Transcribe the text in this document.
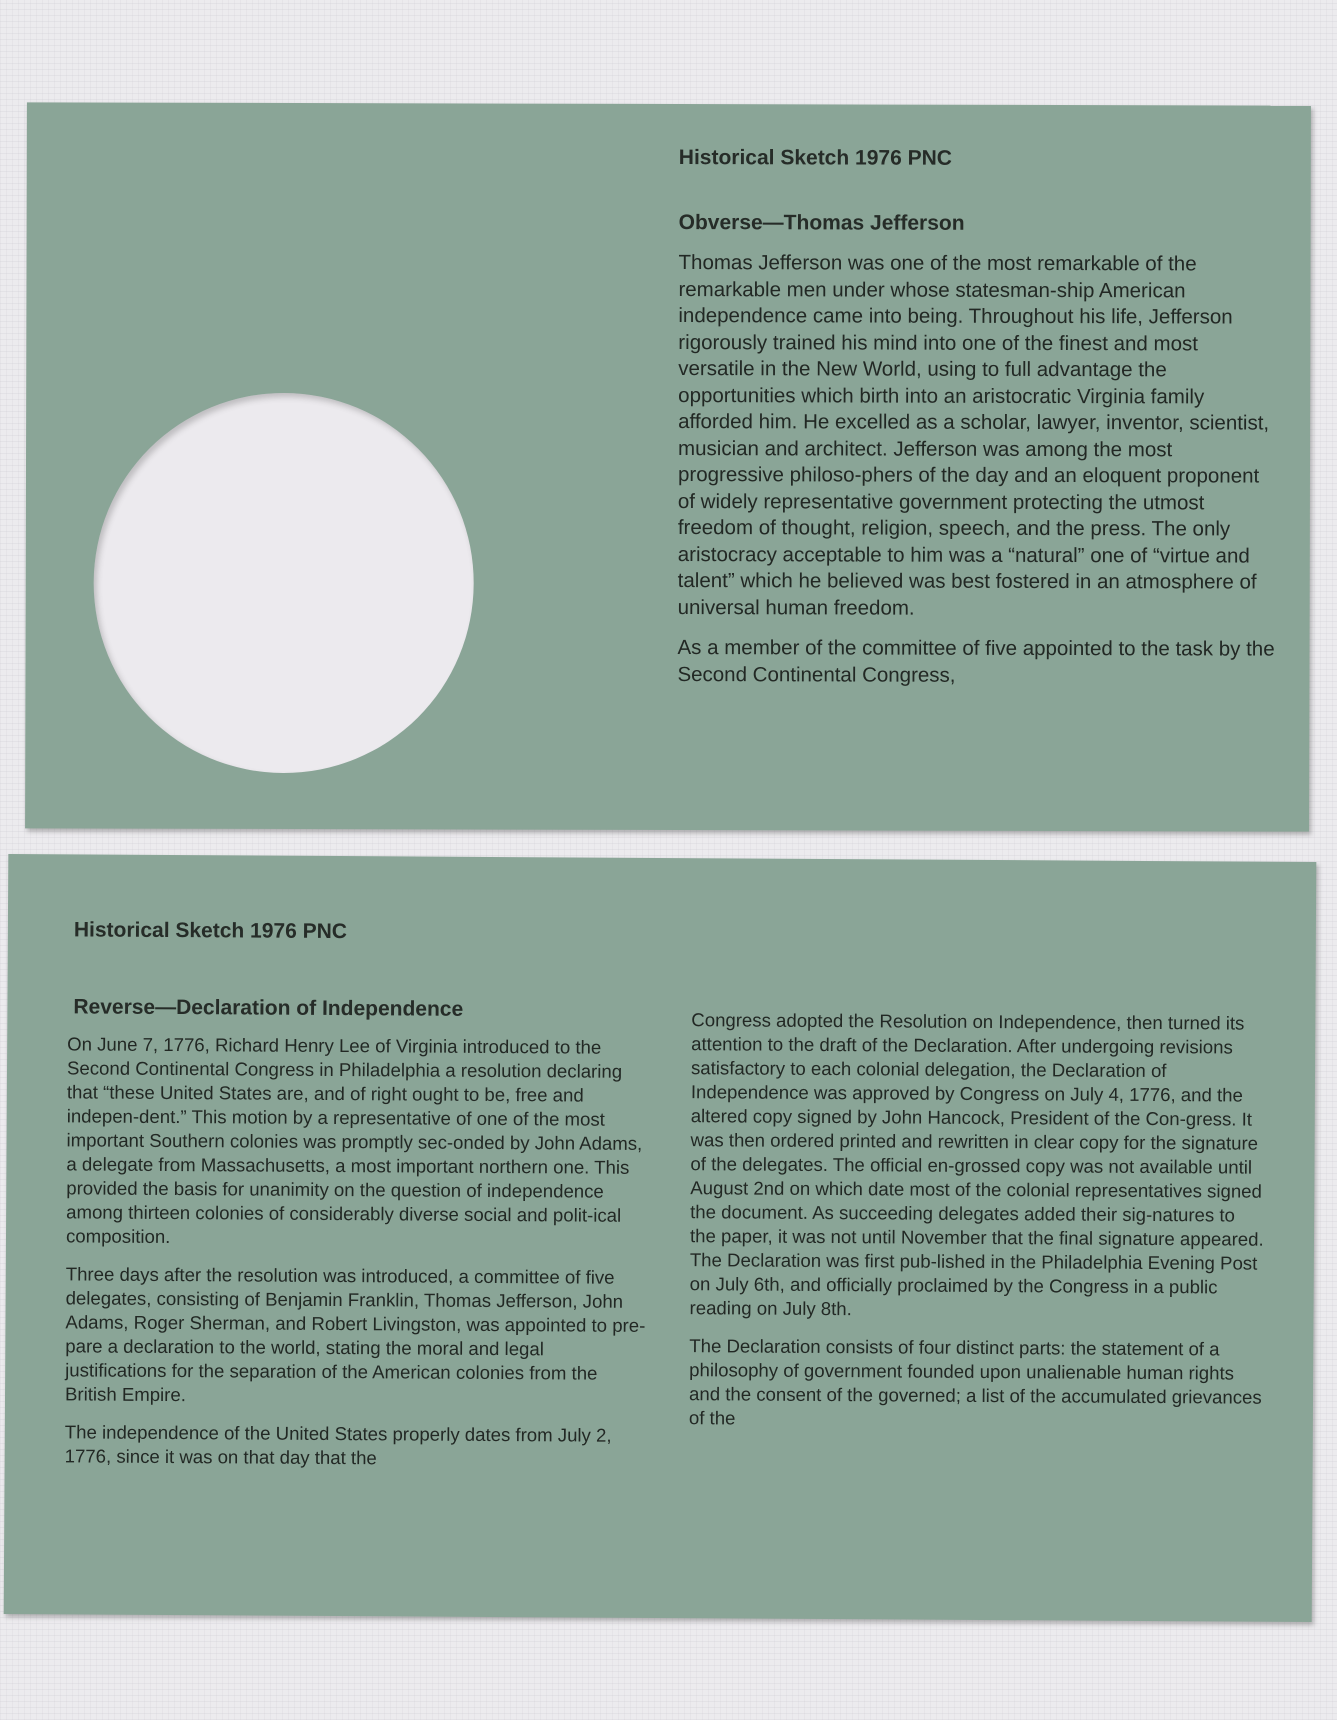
Historical Sketch 1976 PNC
Obverse—Thomas Jefferson

Thomas Jefferson was one of the most remarkable of the remarkable men under whose statesman-ship American independence came into being. Throughout his life, Jefferson rigorously trained his mind into one of the finest and most versatile in the New World, using to full advantage the opportunities which birth into an aristocratic Virginia family afforded him. He excelled as a scholar, lawyer, inventor, scientist, musician and architect. Jefferson was among the most progressive philoso-phers of the day and an eloquent proponent of widely representative government protecting the utmost freedom of thought, religion, speech, and the press. The only aristocracy acceptable to him was a “natural” one of “virtue and talent” which he believed was best fostered in an atmosphere of universal human freedom.

As a member of the committee of five appointed to the task by the Second Continental Congress,

Historical Sketch 1976 PNC
Reverse—Declaration of Independence

On June 7, 1776, Richard Henry Lee of Virginia introduced to the Second Continental Congress in Philadelphia a resolution declaring that “these United States are, and of right ought to be, free and indepen-dent.” This motion by a representative of one of the most important Southern colonies was promptly sec-onded by John Adams, a delegate from Massachusetts, a most important northern one. This provided the basis for unanimity on the question of independence among thirteen colonies of considerably diverse social and polit-ical composition.

Three days after the resolution was introduced, a committee of five delegates, consisting of Benjamin Franklin, Thomas Jefferson, John Adams, Roger Sherman, and Robert Livingston, was appointed to pre-pare a declaration to the world, stating the moral and legal justifications for the separation of the American colonies from the British Empire.

The independence of the United States properly dates from July 2, 1776, since it was on that day that the

Congress adopted the Resolution on Independence, then turned its attention to the draft of the Declaration. After undergoing revisions satisfactory to each colonial delegation, the Declaration of Independence was approved by Congress on July 4, 1776, and the altered copy signed by John Hancock, President of the Con-gress. It was then ordered printed and rewritten in clear copy for the signature of the delegates. The official en-grossed copy was not available until August 2nd on which date most of the colonial representatives signed the document. As succeeding delegates added their sig-natures to the paper, it was not until November that the final signature appeared. The Declaration was first pub-lished in the Philadelphia Evening Post on July 6th, and officially proclaimed by the Congress in a public reading on July 8th.

The Declaration consists of four distinct parts: the statement of a philosophy of government founded upon unalienable human rights and the consent of the governed; a list of the accumulated grievances of the
